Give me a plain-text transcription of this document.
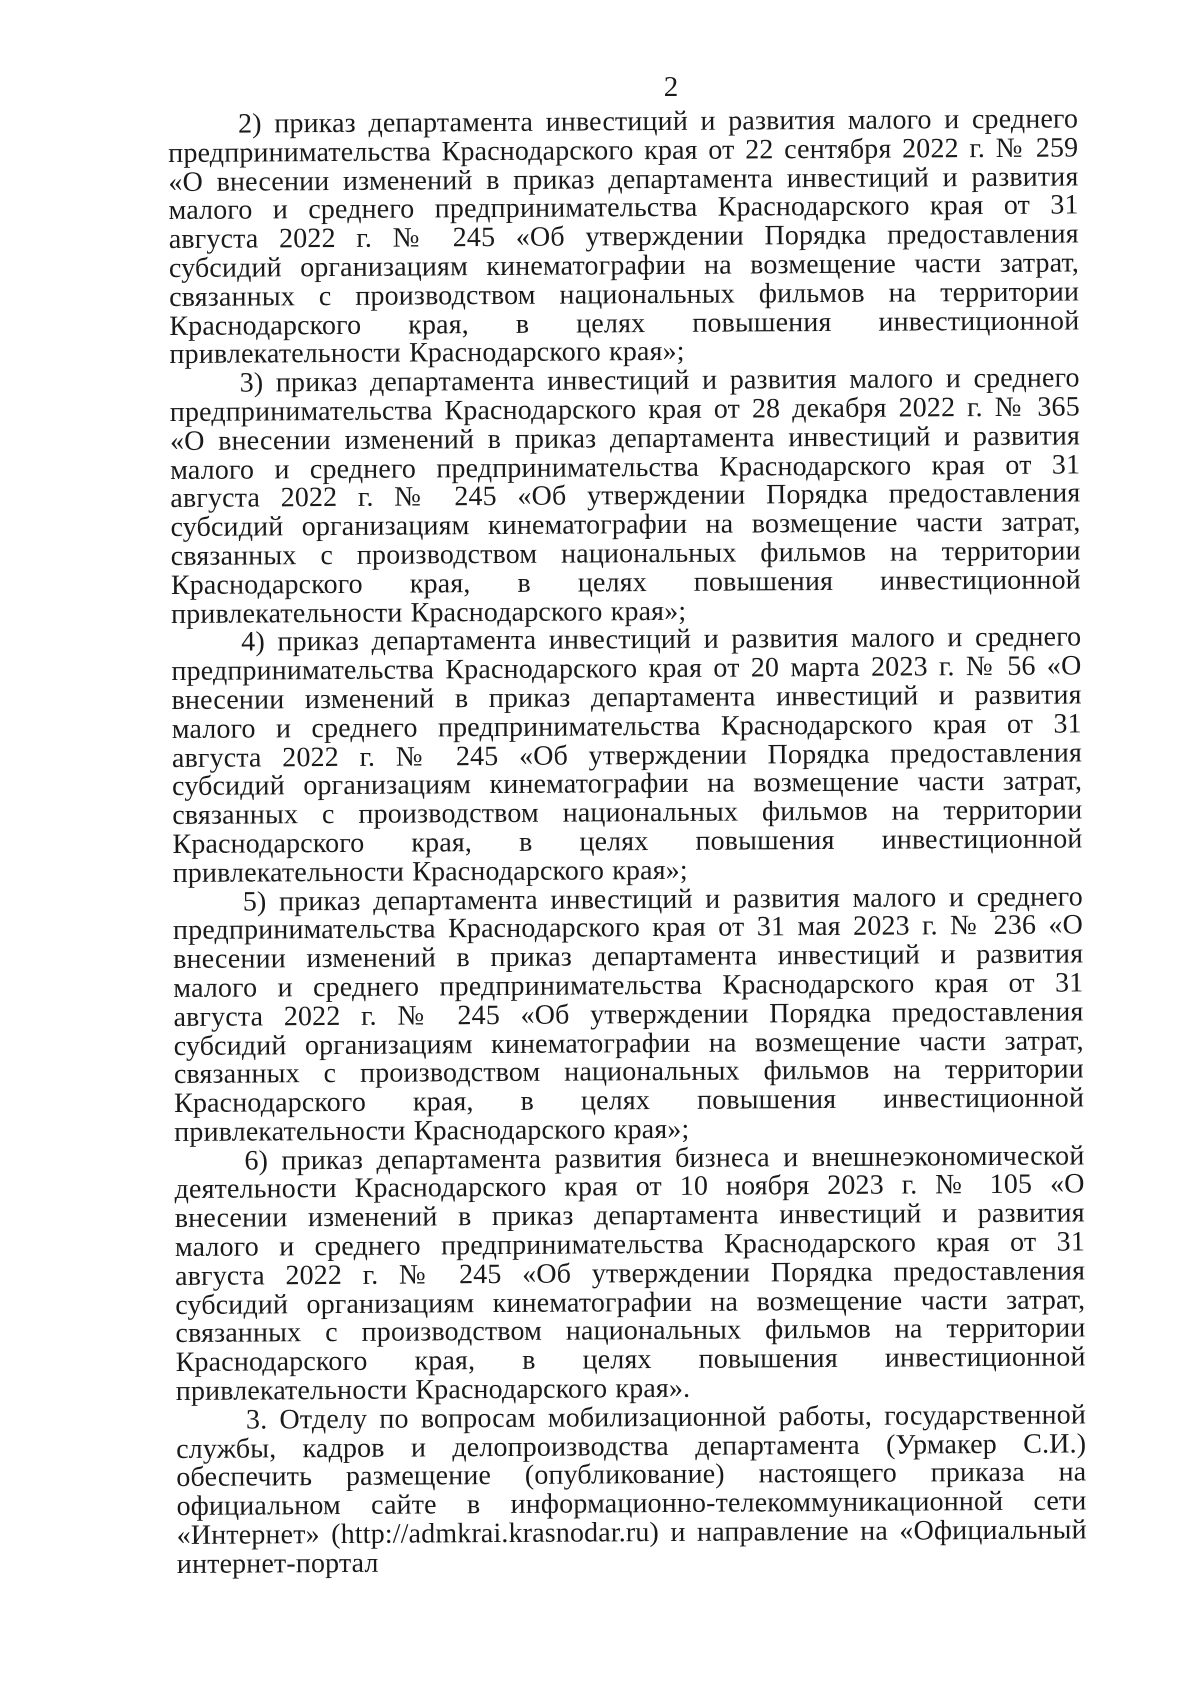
2

2) приказ департамента инвестиций и развития малого и среднего предпринимательства Краснодарского края от 22 сентября 2022 г. № 259 «О внесении изменений в приказ департамента инвестиций и развития малого и среднего предпринимательства Краснодарского края от 31 августа 2022 г. № 245 «Об утверждении Порядка предоставления субсидий организациям кинематографии на возмещение части затрат, связанных с производством национальных фильмов на территории Краснодарского края, в целях повышения инвестиционной привлекательности Краснодарского края»;

3) приказ департамента инвестиций и развития малого и среднего предпринимательства Краснодарского края от 28 декабря 2022 г. № 365 «О внесении изменений в приказ департамента инвестиций и развития малого и среднего предпринимательства Краснодарского края от 31 августа 2022 г. № 245 «Об утверждении Порядка предоставления субсидий организациям кинематографии на возмещение части затрат, связанных с производством национальных фильмов на территории Краснодарского края, в целях повышения инвестиционной привлекательности Краснодарского края»;

4) приказ департамента инвестиций и развития малого и среднего предпринимательства Краснодарского края от 20 марта 2023 г. № 56 «О внесении изменений в приказ департамента инвестиций и развития малого и среднего предпринимательства Краснодарского края от 31 августа 2022 г. № 245 «Об утверждении Порядка предоставления субсидий организациям кинематографии на возмещение части затрат, связанных с производством национальных фильмов на территории Краснодарского края, в целях повышения инвестиционной привлекательности Краснодарского края»;

5) приказ департамента инвестиций и развития малого и среднего предпринимательства Краснодарского края от 31 мая 2023 г. № 236 «О внесении изменений в приказ департамента инвестиций и развития малого и среднего предпринимательства Краснодарского края от 31 августа 2022 г. № 245 «Об утверждении Порядка предоставления субсидий организациям кинематографии на возмещение части затрат, связанных с производством национальных фильмов на территории Краснодарского края, в целях повышения инвестиционной привлекательности Краснодарского края»;

6) приказ департамента развития бизнеса и внешнеэкономической деятельности Краснодарского края от 10 ноября 2023 г. № 105 «О внесении изменений в приказ департамента инвестиций и развития малого и среднего предпринимательства Краснодарского края от 31 августа 2022 г. № 245 «Об утверждении Порядка предоставления субсидий организациям кинематографии на возмещение части затрат, связанных с производством национальных фильмов на территории Краснодарского края, в целях повышения инвестиционной привлекательности Краснодарского края».

3. Отделу по вопросам мобилизационной работы, государственной службы, кадров и делопроизводства департамента (Урмакер С.И.) обеспечить размещение (опубликование) настоящего приказа на официальном сайте в информационно-телекоммуникационной сети «Интернет» (http://admkrai.krasnodar.ru) и направление на «Официальный интернет-портал
